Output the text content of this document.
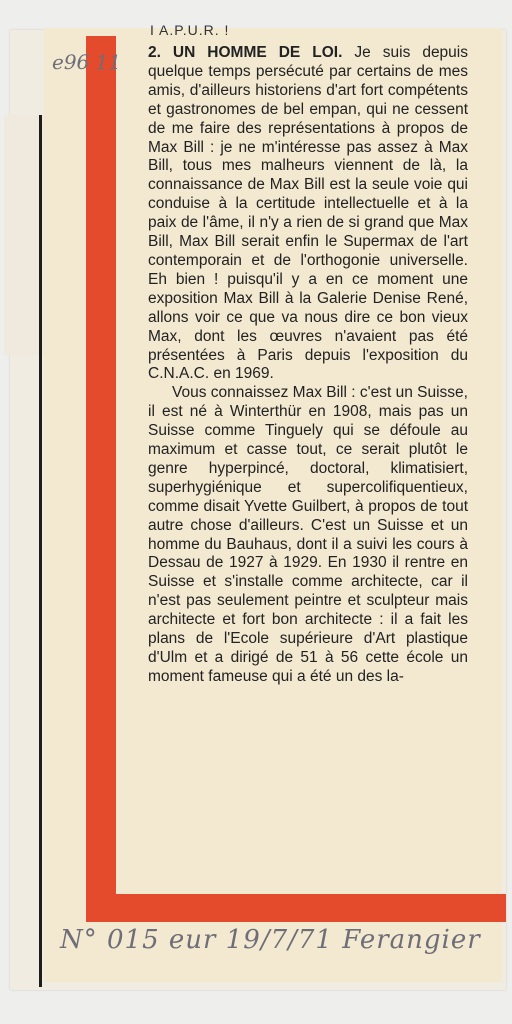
I A.P.U.R. !
e96 11 2. UN HOMME DE LOI. Je suis depuis quelque temps persécuté par certains de mes amis, d'ailleurs historiens d'art fort compétents et gastronomes de bel empan, qui ne cessent de me faire des représentations à propos de Max Bill : je ne m'intéresse pas assez à Max Bill, tous mes malheurs viennent de là, la connaissance de Max Bill est la seule voie qui conduise à la certitude intellectuelle et à la paix de l'âme, il n'y a rien de si grand que Max Bill, Max Bill serait enfin le Supermax de l'art contemporain et de l'orthogonie universelle. Eh bien ! puisqu'il y a en ce moment une exposition Max Bill à la Galerie Denise René, allons voir ce que va nous dire ce bon vieux Max, dont les œuvres n'avaient pas été présentées à Paris depuis l'exposition du C.N.A.C. en 1969.

Vous connaissez Max Bill : c'est un Suisse, il est né à Winterthür en 1908, mais pas un Suisse comme Tinguely qui se défoule au maximum et casse tout, ce serait plutôt le genre hyperpincé, doctoral, klimatisiert, superhygiénique et supercolifiquentieux, comme disait Yvette Guilbert, à propos de tout autre chose d'ailleurs. C'est un Suisse et un homme du Bauhaus, dont il a suivi les cours à Dessau de 1927 à 1929. En 1930 il rentre en Suisse et s'installe comme architecte, car il n'est pas seulement peintre et sculpteur mais architecte et fort bon architecte : il a fait les plans de l'Ecole supérieure d'Art plastique d'Ulm et a dirigé de 51 à 56 cette école un moment fameuse qui a été un des la-

N° 015 eur 19/7/71 Ferangier
